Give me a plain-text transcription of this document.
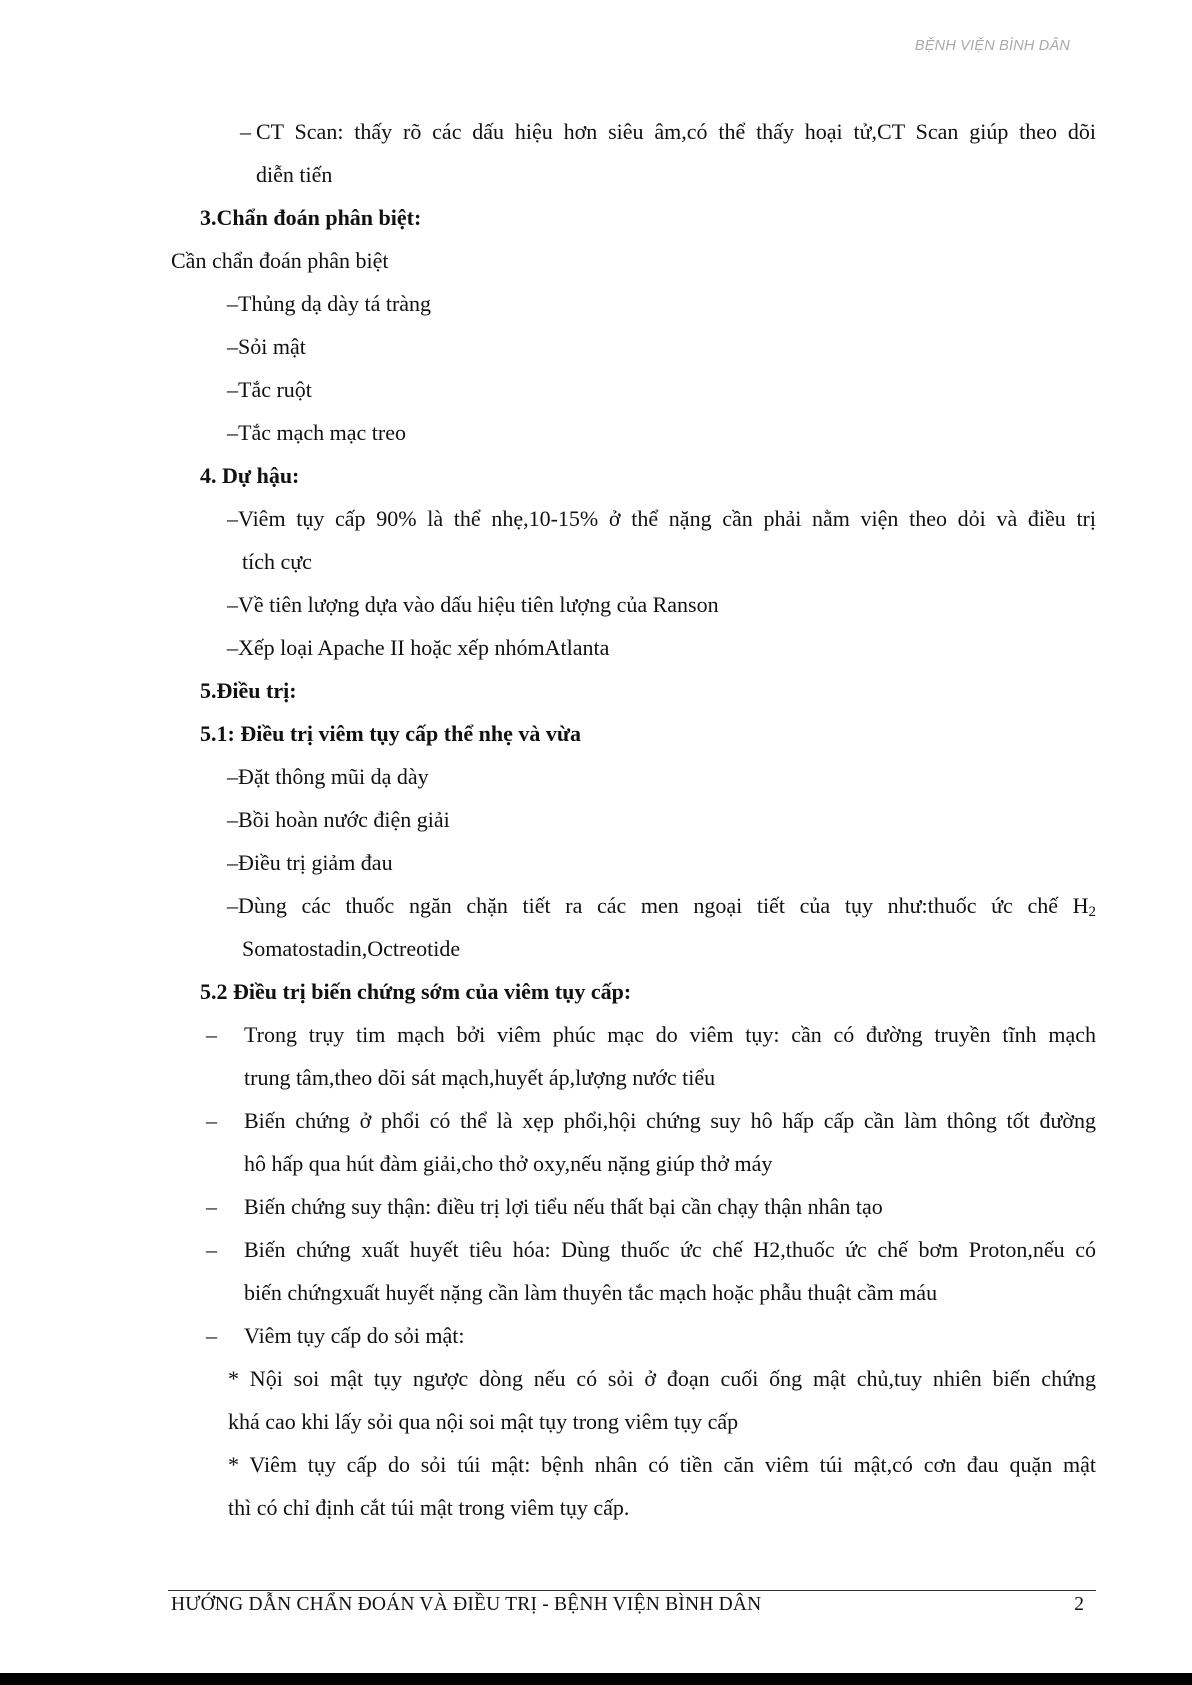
BỆNH VIỆN BÌNH DÂN
– CT Scan: thấy rõ các dấu hiệu hơn siêu âm,có thể thấy hoại tử,CT Scan giúp theo dõi
diễn tiến
3.Chẩn đoán phân biệt:
Cần chẩn đoán phân biệt
–Thủng dạ dày tá tràng
–Sỏi mật
–Tắc ruột
–Tắc mạch mạc treo
4. Dự hậu:
–Viêm tụy cấp 90% là thể nhẹ,10-15% ở thể nặng cần phải nằm viện theo dỏi và điều trị
tích cực
–Về tiên lượng dựa vào dấu hiệu tiên lượng của Ranson
–Xếp loại Apache II hoặc xếp nhómAtlanta
5.Điều trị:
5.1: Điều trị viêm tụy cấp thể nhẹ và vừa
–Đặt thông mũi dạ dày
–Bồi hoàn nước điện giải
–Điều trị giảm đau
–Dùng các thuốc ngăn chặn tiết ra các men ngoại tiết của tụy như:thuốc ức chế $H_2$
Somatostadin,Octreotide
5.2 Điều trị biến chứng sớm của viêm tụy cấp:
– Trong trụy tim mạch bởi viêm phúc mạc do viêm tụy: cần có đường truyền tĩnh mạch
trung tâm,theo dõi sát mạch,huyết áp,lượng nước tiểu
– Biến chứng ở phổi có thể là xẹp phổi,hội chứng suy hô hấp cấp cần làm thông tốt đường
hô hấp qua hút đàm giải,cho thở oxy,nếu nặng giúp thở máy
– Biến chứng suy thận: điều trị lợi tiểu nếu thất bại cần chạy thận nhân tạo
– Biến chứng xuất huyết tiêu hóa: Dùng thuốc ức chế H2,thuốc ức chế bơm Proton,nếu có
biến chứngxuất huyết nặng cần làm thuyên tắc mạch hoặc phẫu thuật cầm máu
– Viêm tụy cấp do sỏi mật:
* Nội soi mật tụy ngược dòng nếu có sỏi ở đoạn cuối ống mật chủ,tuy nhiên biến chứng
khá cao khi lấy sỏi qua nội soi mật tụy trong viêm tụy cấp
* Viêm tụy cấp do sỏi túi mật: bệnh nhân có tiền căn viêm túi mật,có cơn đau quặn mật
thì có chỉ định cắt túi mật trong viêm tụy cấp.
HƯỚNG DẪN CHẨN ĐOÁN VÀ ĐIỀU TRỊ - BỆNH VIỆN BÌNH DÂN	2
